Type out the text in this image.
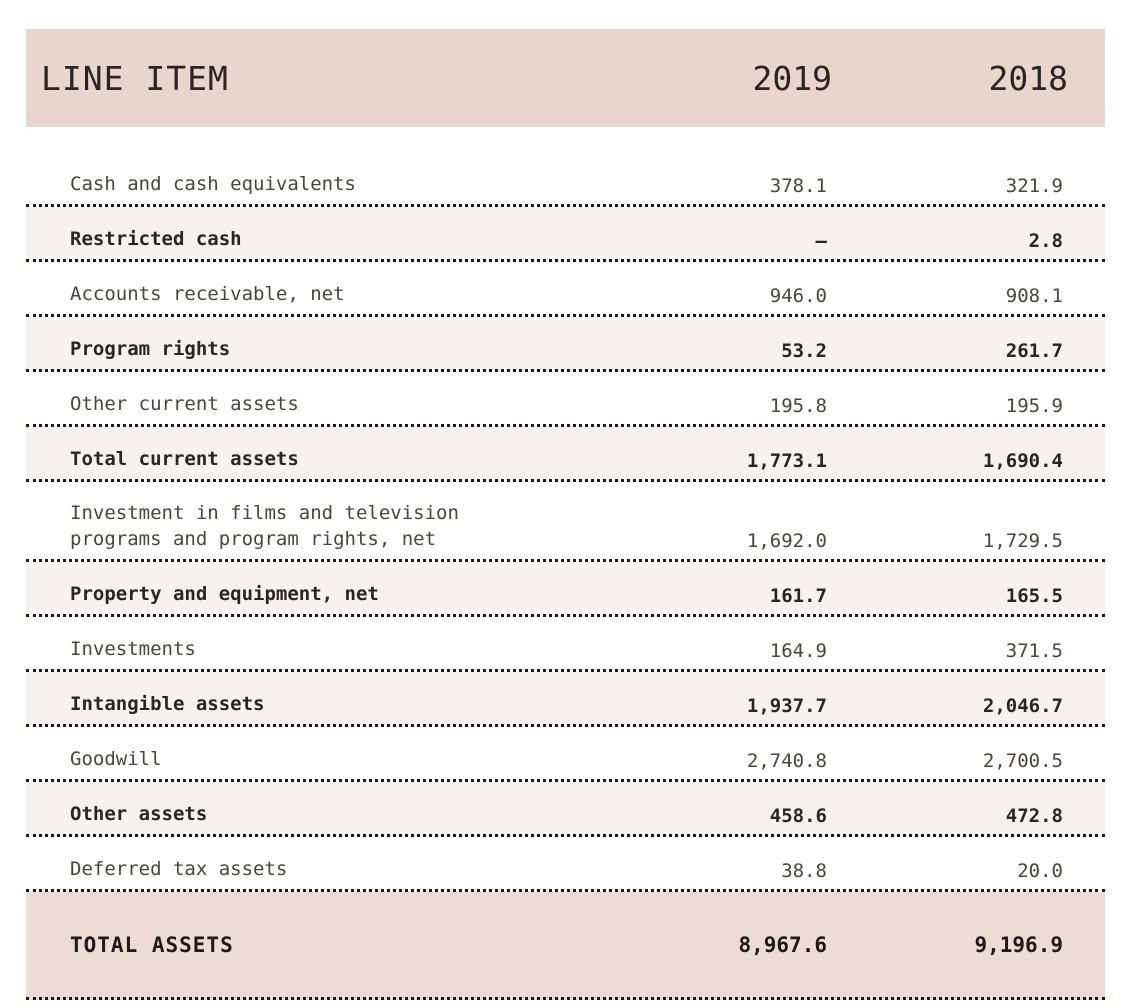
LINE ITEM	2019	2018
Cash and cash equivalents	378.1	321.9
Restricted cash	–	2.8
Accounts receivable, net	946.0	908.1
Program rights	53.2	261.7
Other current assets	195.8	195.9
Total current assets	1,773.1	1,690.4
Investment in films and television
programs and program rights, net	1,692.0	1,729.5
Property and equipment, net	161.7	165.5
Investments	164.9	371.5
Intangible assets	1,937.7	2,046.7
Goodwill	2,740.8	2,700.5
Other assets	458.6	472.8
Deferred tax assets	38.8	20.0
TOTAL ASSETS	8,967.6	9,196.9
